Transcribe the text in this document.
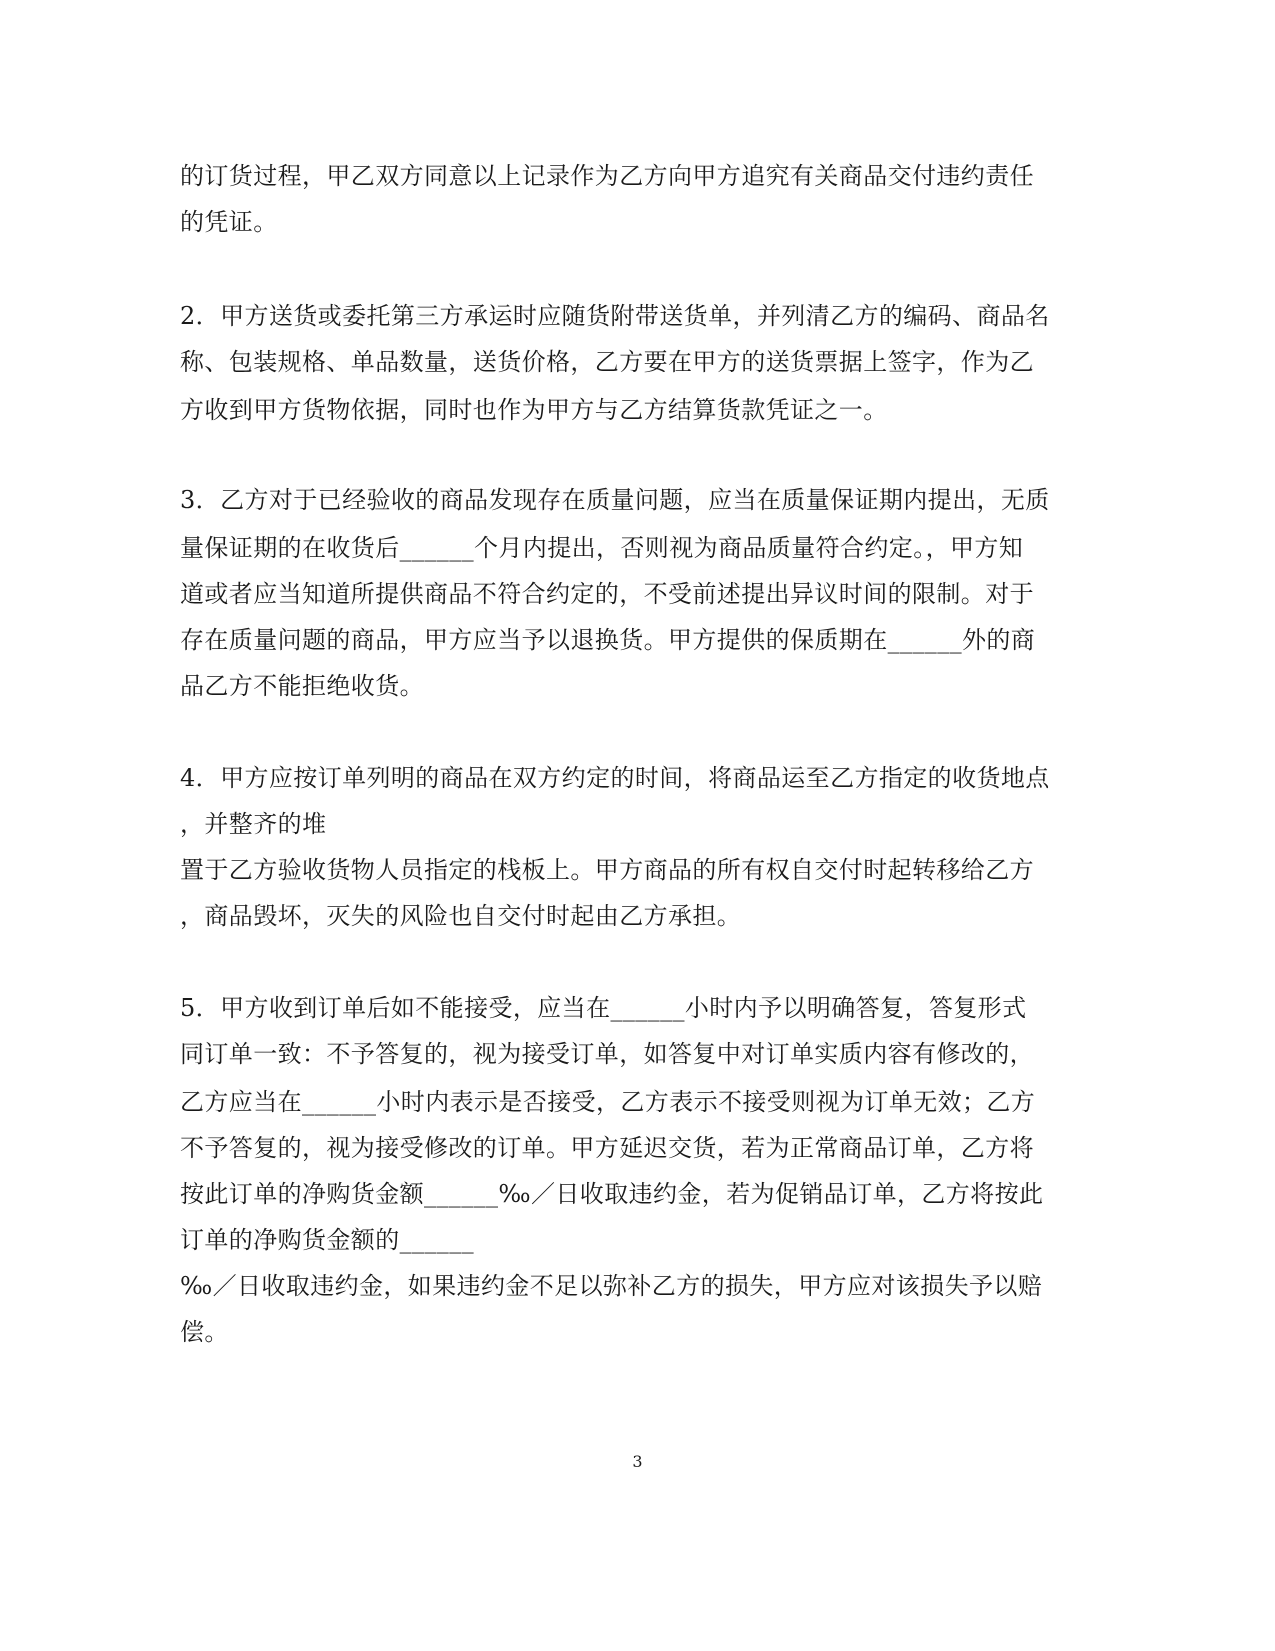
的订货过程，甲乙双方同意以上记录作为乙方向甲方追究有关商品交付违约责任

的凭证。

2．甲方送货或委托第三方承运时应随货附带送货单，并列清乙方的编码、商品名

称、包装规格、单品数量，送货价格，乙方要在甲方的送货票据上签字，作为乙

方收到甲方货物依据，同时也作为甲方与乙方结算货款凭证之一。

3．乙方对于已经验收的商品发现存在质量问题，应当在质量保证期内提出，无质

量保证期的在收货后______个月内提出，否则视为商品质量符合约定。，甲方知

道或者应当知道所提供商品不符合约定的，不受前述提出异议时间的限制。对于

存在质量问题的商品，甲方应当予以退换货。甲方提供的保质期在______外的商

品乙方不能拒绝收货。

4．甲方应按订单列明的商品在双方约定的时间，将商品运至乙方指定的收货地点

，并整齐的堆

置于乙方验收货物人员指定的栈板上。甲方商品的所有权自交付时起转移给乙方

，商品毁坏，灭失的风险也自交付时起由乙方承担。

5．甲方收到订单后如不能接受，应当在______小时内予以明确答复，答复形式

同订单一致：不予答复的，视为接受订单，如答复中对订单实质内容有修改的，

乙方应当在______小时内表示是否接受，乙方表示不接受则视为订单无效；乙方

不予答复的，视为接受修改的订单。甲方延迟交货，若为正常商品订单，乙方将

按此订单的净购货金额______‰／日收取违约金，若为促销品订单，乙方将按此

订单的净购货金额的______

‰／日收取违约金，如果违约金不足以弥补乙方的损失，甲方应对该损失予以赔

偿。

3
